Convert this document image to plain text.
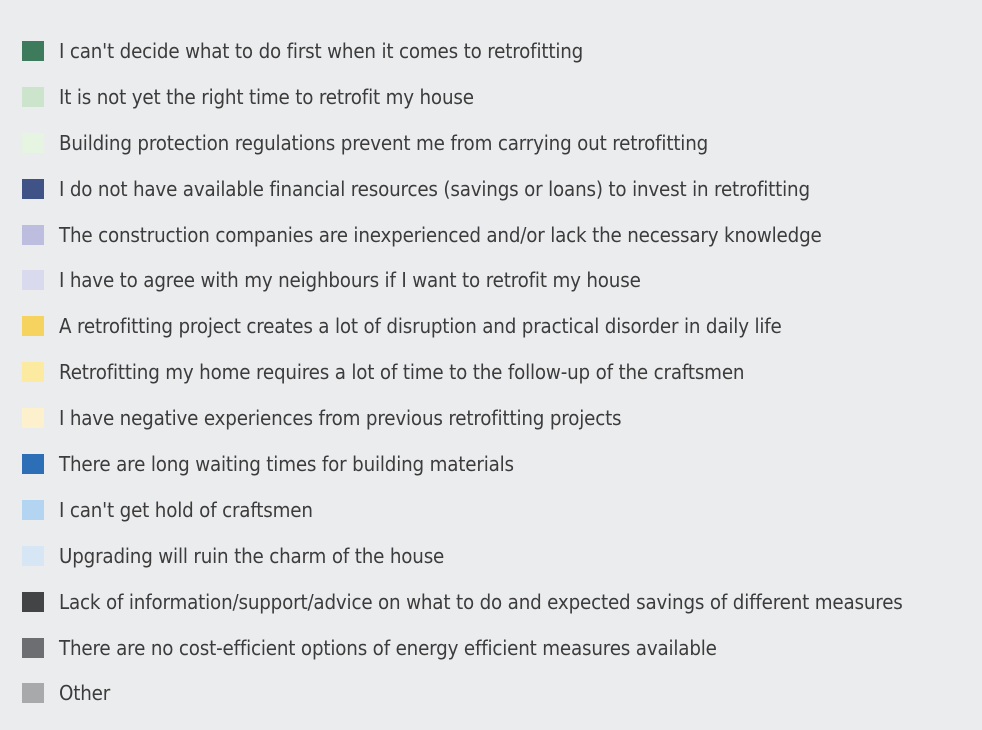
I can't decide what to do first when it comes to retrofitting
It is not yet the right time to retrofit my house
Building protection regulations prevent me from carrying out retrofitting
I do not have available financial resources (savings or loans) to invest in retrofitting
The construction companies are inexperienced and/or lack the necessary knowledge
I have to agree with my neighbours if I want to retrofit my house
A retrofitting project creates a lot of disruption and practical disorder in daily life
Retrofitting my home requires a lot of time to the follow-up of the craftsmen
I have negative experiences from previous retrofitting projects
There are long waiting times for building materials
I can't get hold of craftsmen
Upgrading will ruin the charm of the house
Lack of information/support/advice on what to do and expected savings of different measures
There are no cost-efficient options of energy efficient measures available
Other
